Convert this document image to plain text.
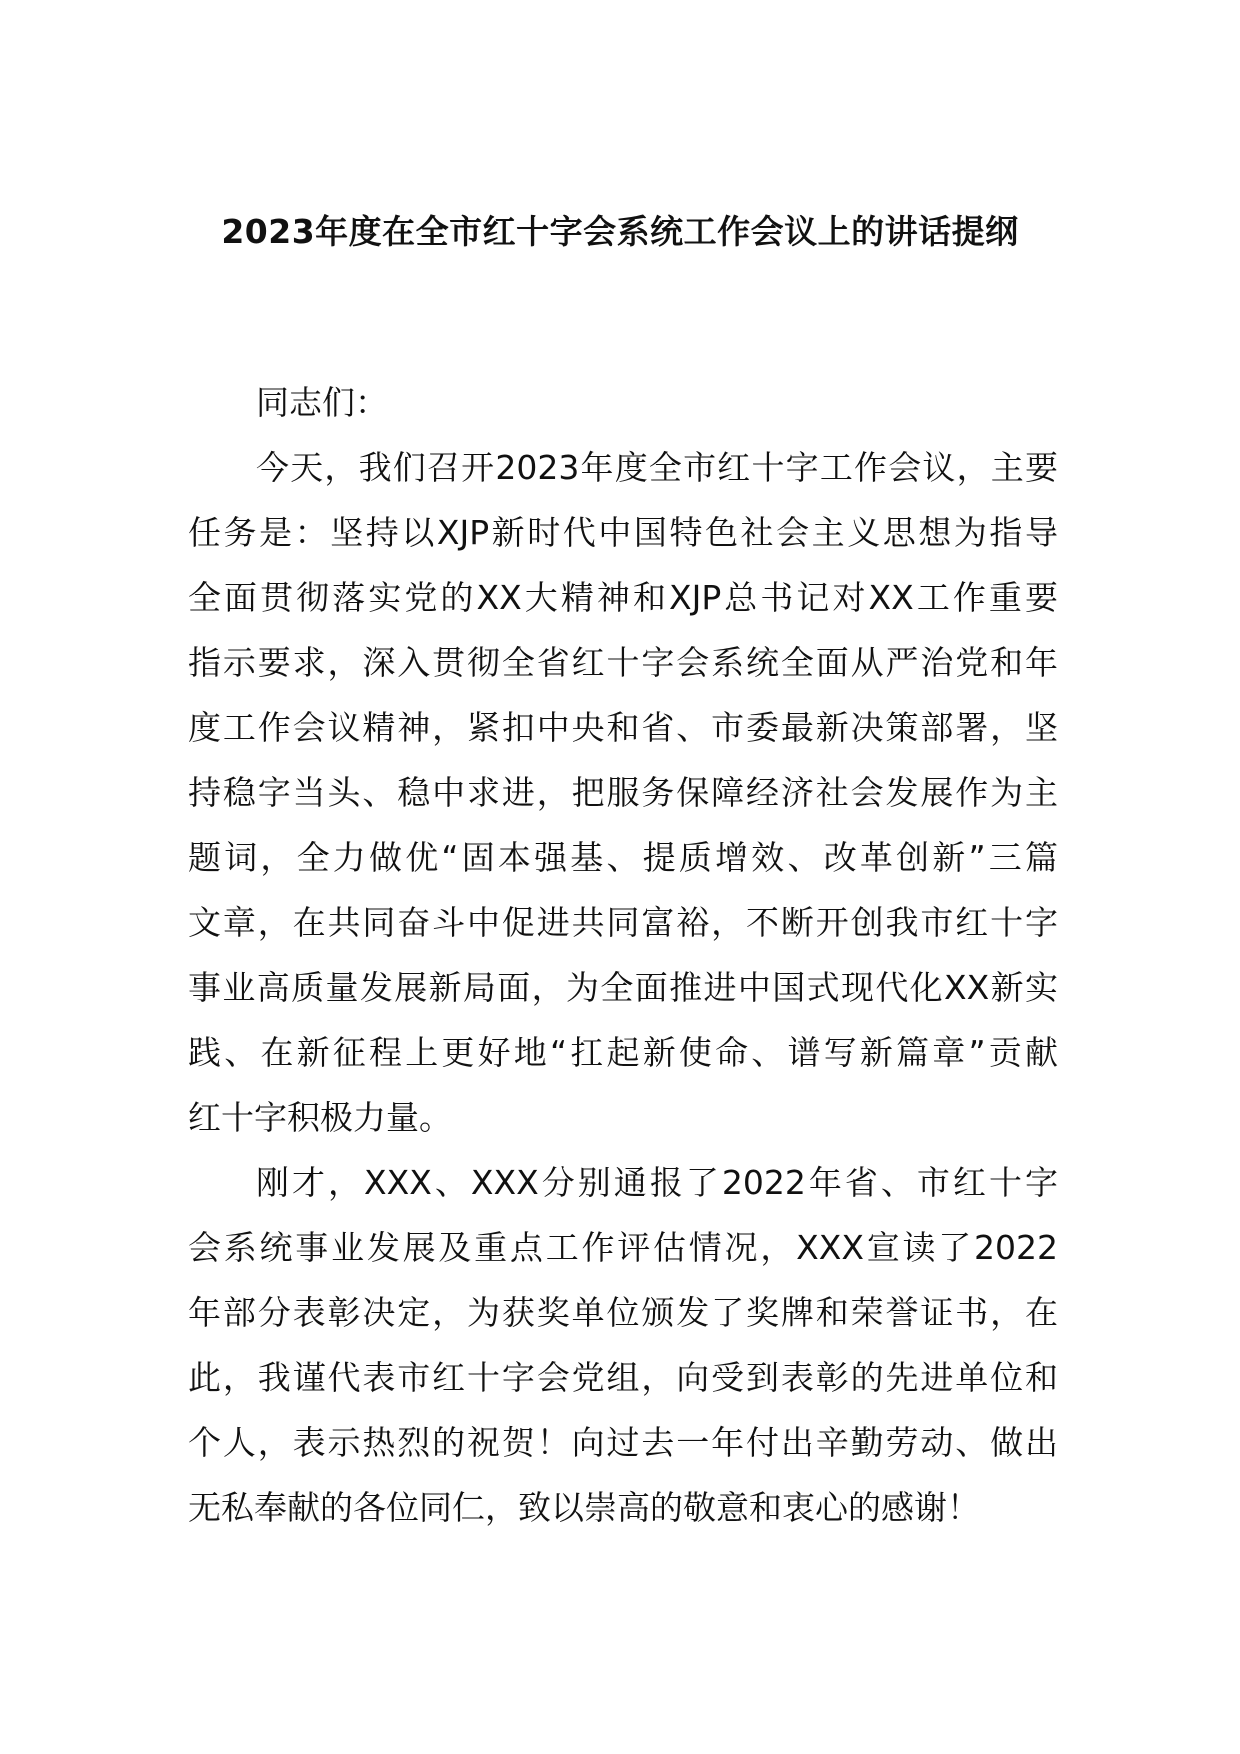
2023年度在全市红十字会系统工作会议上的讲话提纲

同志们：

今天，我们召开2023年度全市红十字工作会议，主要
任务是：坚持以XJP新时代中国特色社会主义思想为指导
全面贯彻落实党的XX大精神和XJP总书记对XX工作重要
指示要求，深入贯彻全省红十字会系统全面从严治党和年
度工作会议精神，紧扣中央和省、市委最新决策部署，坚
持稳字当头、稳中求进，把服务保障经济社会发展作为主
题词，全力做优“固本强基、提质增效、改革创新”三篇
文章，在共同奋斗中促进共同富裕，不断开创我市红十字
事业高质量发展新局面，为全面推进中国式现代化XX新实
践、在新征程上更好地“扛起新使命、谱写新篇章”贡献
红十字积极力量。

刚才，XXX、XXX分别通报了2022年省、市红十字
会系统事业发展及重点工作评估情况，XXX宣读了2022
年部分表彰决定，为获奖单位颁发了奖牌和荣誉证书，在
此，我谨代表市红十字会党组，向受到表彰的先进单位和
个人，表示热烈的祝贺！向过去一年付出辛勤劳动、做出
无私奉献的各位同仁，致以崇高的敬意和衷心的感谢！
